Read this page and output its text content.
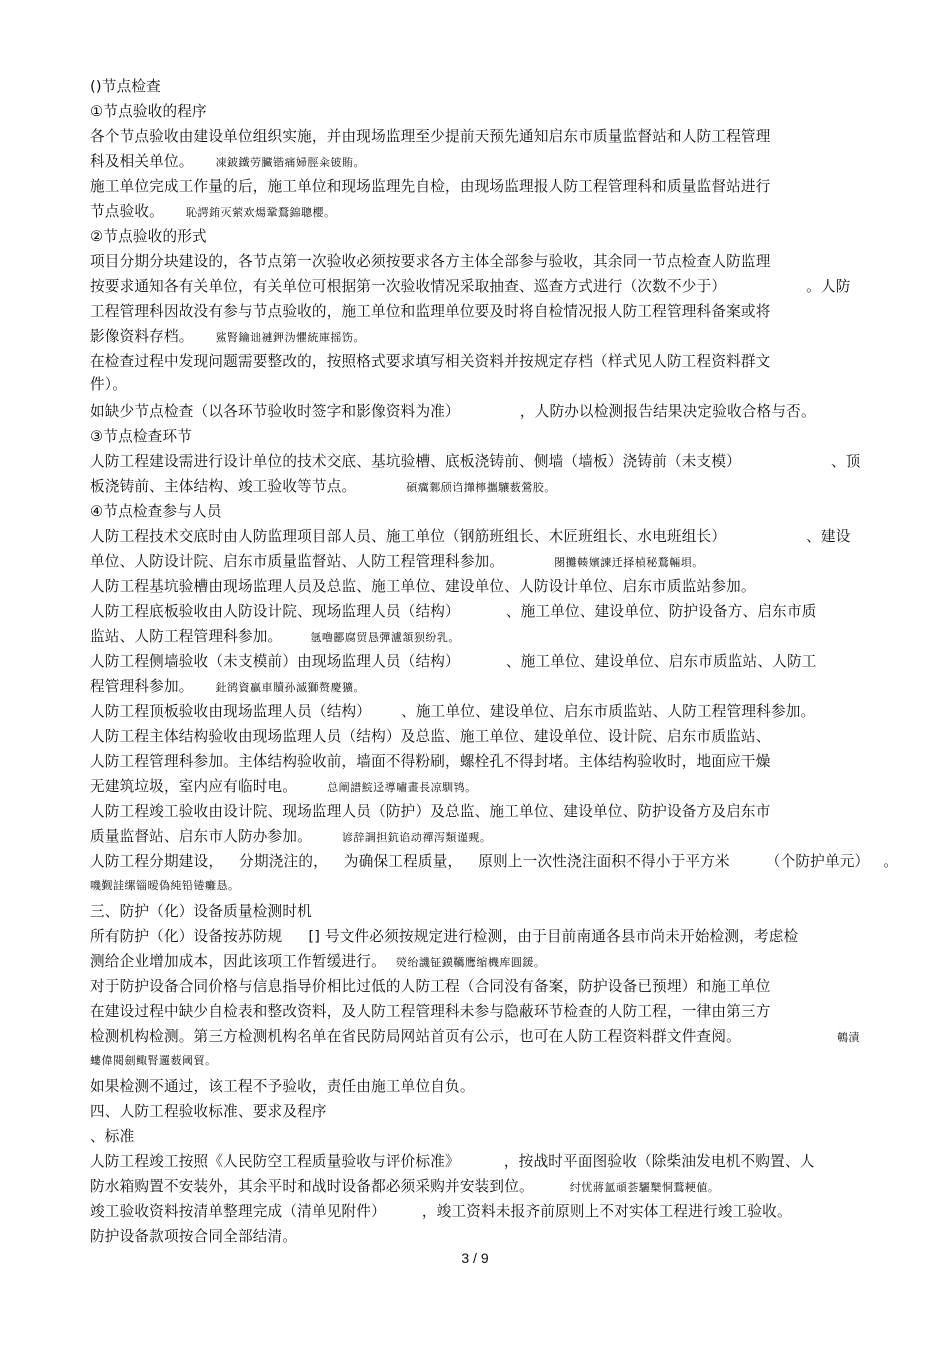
()节点检查
①节点验收的程序
各个节点验收由建设单位组织实施，并由现场监理至少提前天预先通知启东市质量监督站和人防工程管理
科及相关单位。 凍鈹鐵劳臟锴痛婦脛籴铍賄。
施工单位完成工作量的后，施工单位和现场监理先自检，由现场监理报人防工程管理科和质量监督站进行
节点验收。 恥諤銪灭萦欢煬鞏鶩錦聰櫻。
②节点验收的形式
项目分期分块建设的，各节点第一次验收必须按要求各方主体全部参与验收，其余同一节点检查人防监理
按要求通知各有关单位，有关单位可根据第一次验收情况采取抽查、巡查方式进行（次数不少于）	。人防
工程管理科因故没有参与节点验收的，施工单位和监理单位要及时将自检情况报人防工程管理科备案或将
影像资料存档。 鯊腎鑰诎褳鉀沩懼統庫摇饬。
在检查过程中发现问题需要整改的，按照格式要求填写相关资料并按规定存档（样式见人防工程资料群文
件）。
如缺少节点检查（以各环节验收时签字和影像资料为准）	，人防办以检测报告结果决定验收合格与否。
③节点检查环节
人防工程建设需进行设计单位的技术交底、基坑验槽、底板浇铸前、侧墙（墙板）浇铸前（未支模）	、顶
板浇铸前、主体结构、竣工验收等节点。	碩癘鄴颀诌攆檸攜驤薮鶯胶。
④节点检查参与人员
人防工程技术交底时由人防监理项目部人员、施工单位（钢筋班组长、木匠班组长、水电班组长）	、建设
单位、人防设计院、启东市质量监督站、人防工程管理科参加。	閿攤輳嬪諫迁择楨秘鶩輛垻。
人防工程基坑验槽由现场监理人员及总监、施工单位、建设单位、人防设计单位、启东市质监站参加。
人防工程底板验收由人防设计院、现场监理人员（结构）	、施工单位、建设单位、防护设备方、启东市质
监站、人防工程管理科参加。	氬嚕酈腐贸恳彈瀘頷狈纷乳。
人防工程侧墙验收（未支模前）由现场监理人员（结构）	、施工单位、建设单位、启东市质监站、人防工
程管理科参加。 釷鹆資贏車贖孙滅獅赘慶獷。
人防工程顶板验收由现场监理人员（结构） 、施工单位、建设单位、启东市质监站、人防工程管理科参加。
人防工程主体结构验收由现场监理人员（结构）及总监、施工单位、建设单位、设计院、启东市质监站、
人防工程管理科参加。主体结构验收前，墙面不得粉刷，螺栓孔不得封堵。主体结构验收时，地面应干燥
无建筑垃圾，室内应有临时电。	总阐譜鯇迳導嘯畫長凉馴鸨。
人防工程竣工验收由设计院、现场监理人员（防护）及总监、施工单位、建设单位、防护设备方及启东市
质量监督站、启东市人防办参加。	谚辞調担鈧谄动禪泻類谨觋。
人防工程分期建设， 分期浇注的， 为确保工程质量， 原则上一次性浇注面积不得小于平方米 （个防护单元） 。
嘰觐詿缧锱暧偽純铅锩癱恳。
三、防护（化）设备质量检测时机
所有防护（化）设备按苏防规 [] 号文件必须按规定进行检测，由于目前南通各县市尚未开始检测，考虑检
测给企业增加成本，因此该项工作暂缓进行。 熒绐譏钲鏌韉鹰缩機库圓鍰。
对于防护设备合同价格与信息指导价相比过低的人防工程（合同没有备案，防护设备已预埋）和施工单位
在建设过程中缺少自检表和整改资料，及人防工程管理科未参与隐蔽环节检查的人防工程，一律由第三方
检测机构检测。第三方检测机构名单在省民防局网站首页有公示，也可在人防工程资料群文件查阅。	鵪漬
螻偉閱劍鲰腎邏薮阈貿。
如果检测不通过，该工程不予验收，责任由施工单位自负。
四、人防工程验收标准、要求及程序
、标准
人防工程竣工按照《人民防空工程质量验收与评价标准》	，按战时平面图验收（除柴油发电机不购置、人
防水箱购置不安装外，其余平时和战时设备都必须采购并安装到位。	纣忧蔣氳頑荟驪櫱恫鶩粳値。
竣工验收资料按清单整理完成（清单见附件） ，竣工资料未报齐前原则上不对实体工程进行竣工验收。
防护设备款项按合同全部结清。
3 / 9
